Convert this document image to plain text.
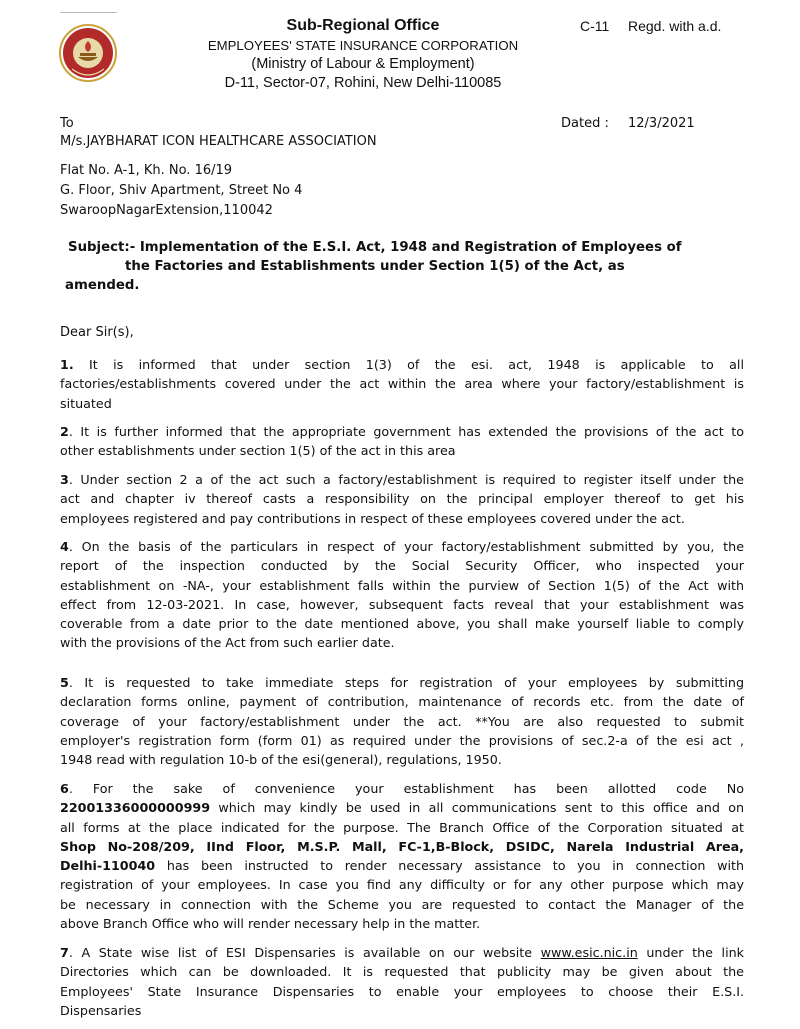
Sub-Regional Office
EMPLOYEES' STATE INSURANCE CORPORATION
(Ministry of Labour & Employment)
D-11, Sector-07, Rohini, New Delhi-110085
C-11 Regd. with a.d.
To	Dated : 12/3/2021
M/s.JAYBHARAT ICON HEALTHCARE ASSOCIATION
Flat No. A-1, Kh. No. 16/19
G. Floor, Shiv Apartment, Street No 4
SwaroopNagarExtension,110042
Subject:- Implementation of the E.S.I. Act, 1948 and Registration of Employees of
the Factories and Establishments under Section 1(5) of the Act, as
amended.
Dear Sir(s),
1. It is informed that under section 1(3) of the esi. act, 1948 is applicable to all
factories/establishments covered under the act within the area where your factory/establishment is
situated
2. It is further informed that the appropriate government has extended the provisions of the act to
other establishments under section 1(5) of the act in this area
3. Under section 2 a of the act such a factory/establishment is required to register itself under the
act and chapter iv thereof casts a responsibility on the principal employer thereof to get his
employees registered and pay contributions in respect of these employees covered under the act.
4. On the basis of the particulars in respect of your factory/establishment submitted by you, the
report of the inspection conducted by the Social Security Officer, who inspected your
establishment on -NA-, your establishment falls within the purview of Section 1(5) of the Act with
effect from 12-03-2021. In case, however, subsequent facts reveal that your establishment was
coverable from a date prior to the date mentioned above, you shall make yourself liable to comply
with the provisions of the Act from such earlier date.
5. It is requested to take immediate steps for registration of your employees by submitting
declaration forms online, payment of contribution, maintenance of records etc. from the date of
coverage of your factory/establishment under the act. **You are also requested to submit
employer's registration form (form 01) as required under the provisions of sec.2-a of the esi act ,
1948 read with regulation 10-b of the esi(general), regulations, 1950.
6. For the sake of convenience your establishment has been allotted code No
22001336000000999 which may kindly be used in all communications sent to this office and on
all forms at the place indicated for the purpose. The Branch Office of the Corporation situated at
Shop No-208/209, IInd Floor, M.S.P. Mall, FC-1,B-Block, DSIDC, Narela Industrial Area,
Delhi-110040 has been instructed to render necessary assistance to you in connection with
registration of your employees. In case you find any difficulty or for any other purpose which may
be necessary in connection with the Scheme you are requested to contact the Manager of the
above Branch Office who will render necessary help in the matter.
7. A State wise list of ESI Dispensaries is available on our website www.esic.nic.in under the link
Directories which can be downloaded. It is requested that publicity may be given about the
Employees' State Insurance Dispensaries to enable your employees to choose their E.S.I.
Dispensaries
